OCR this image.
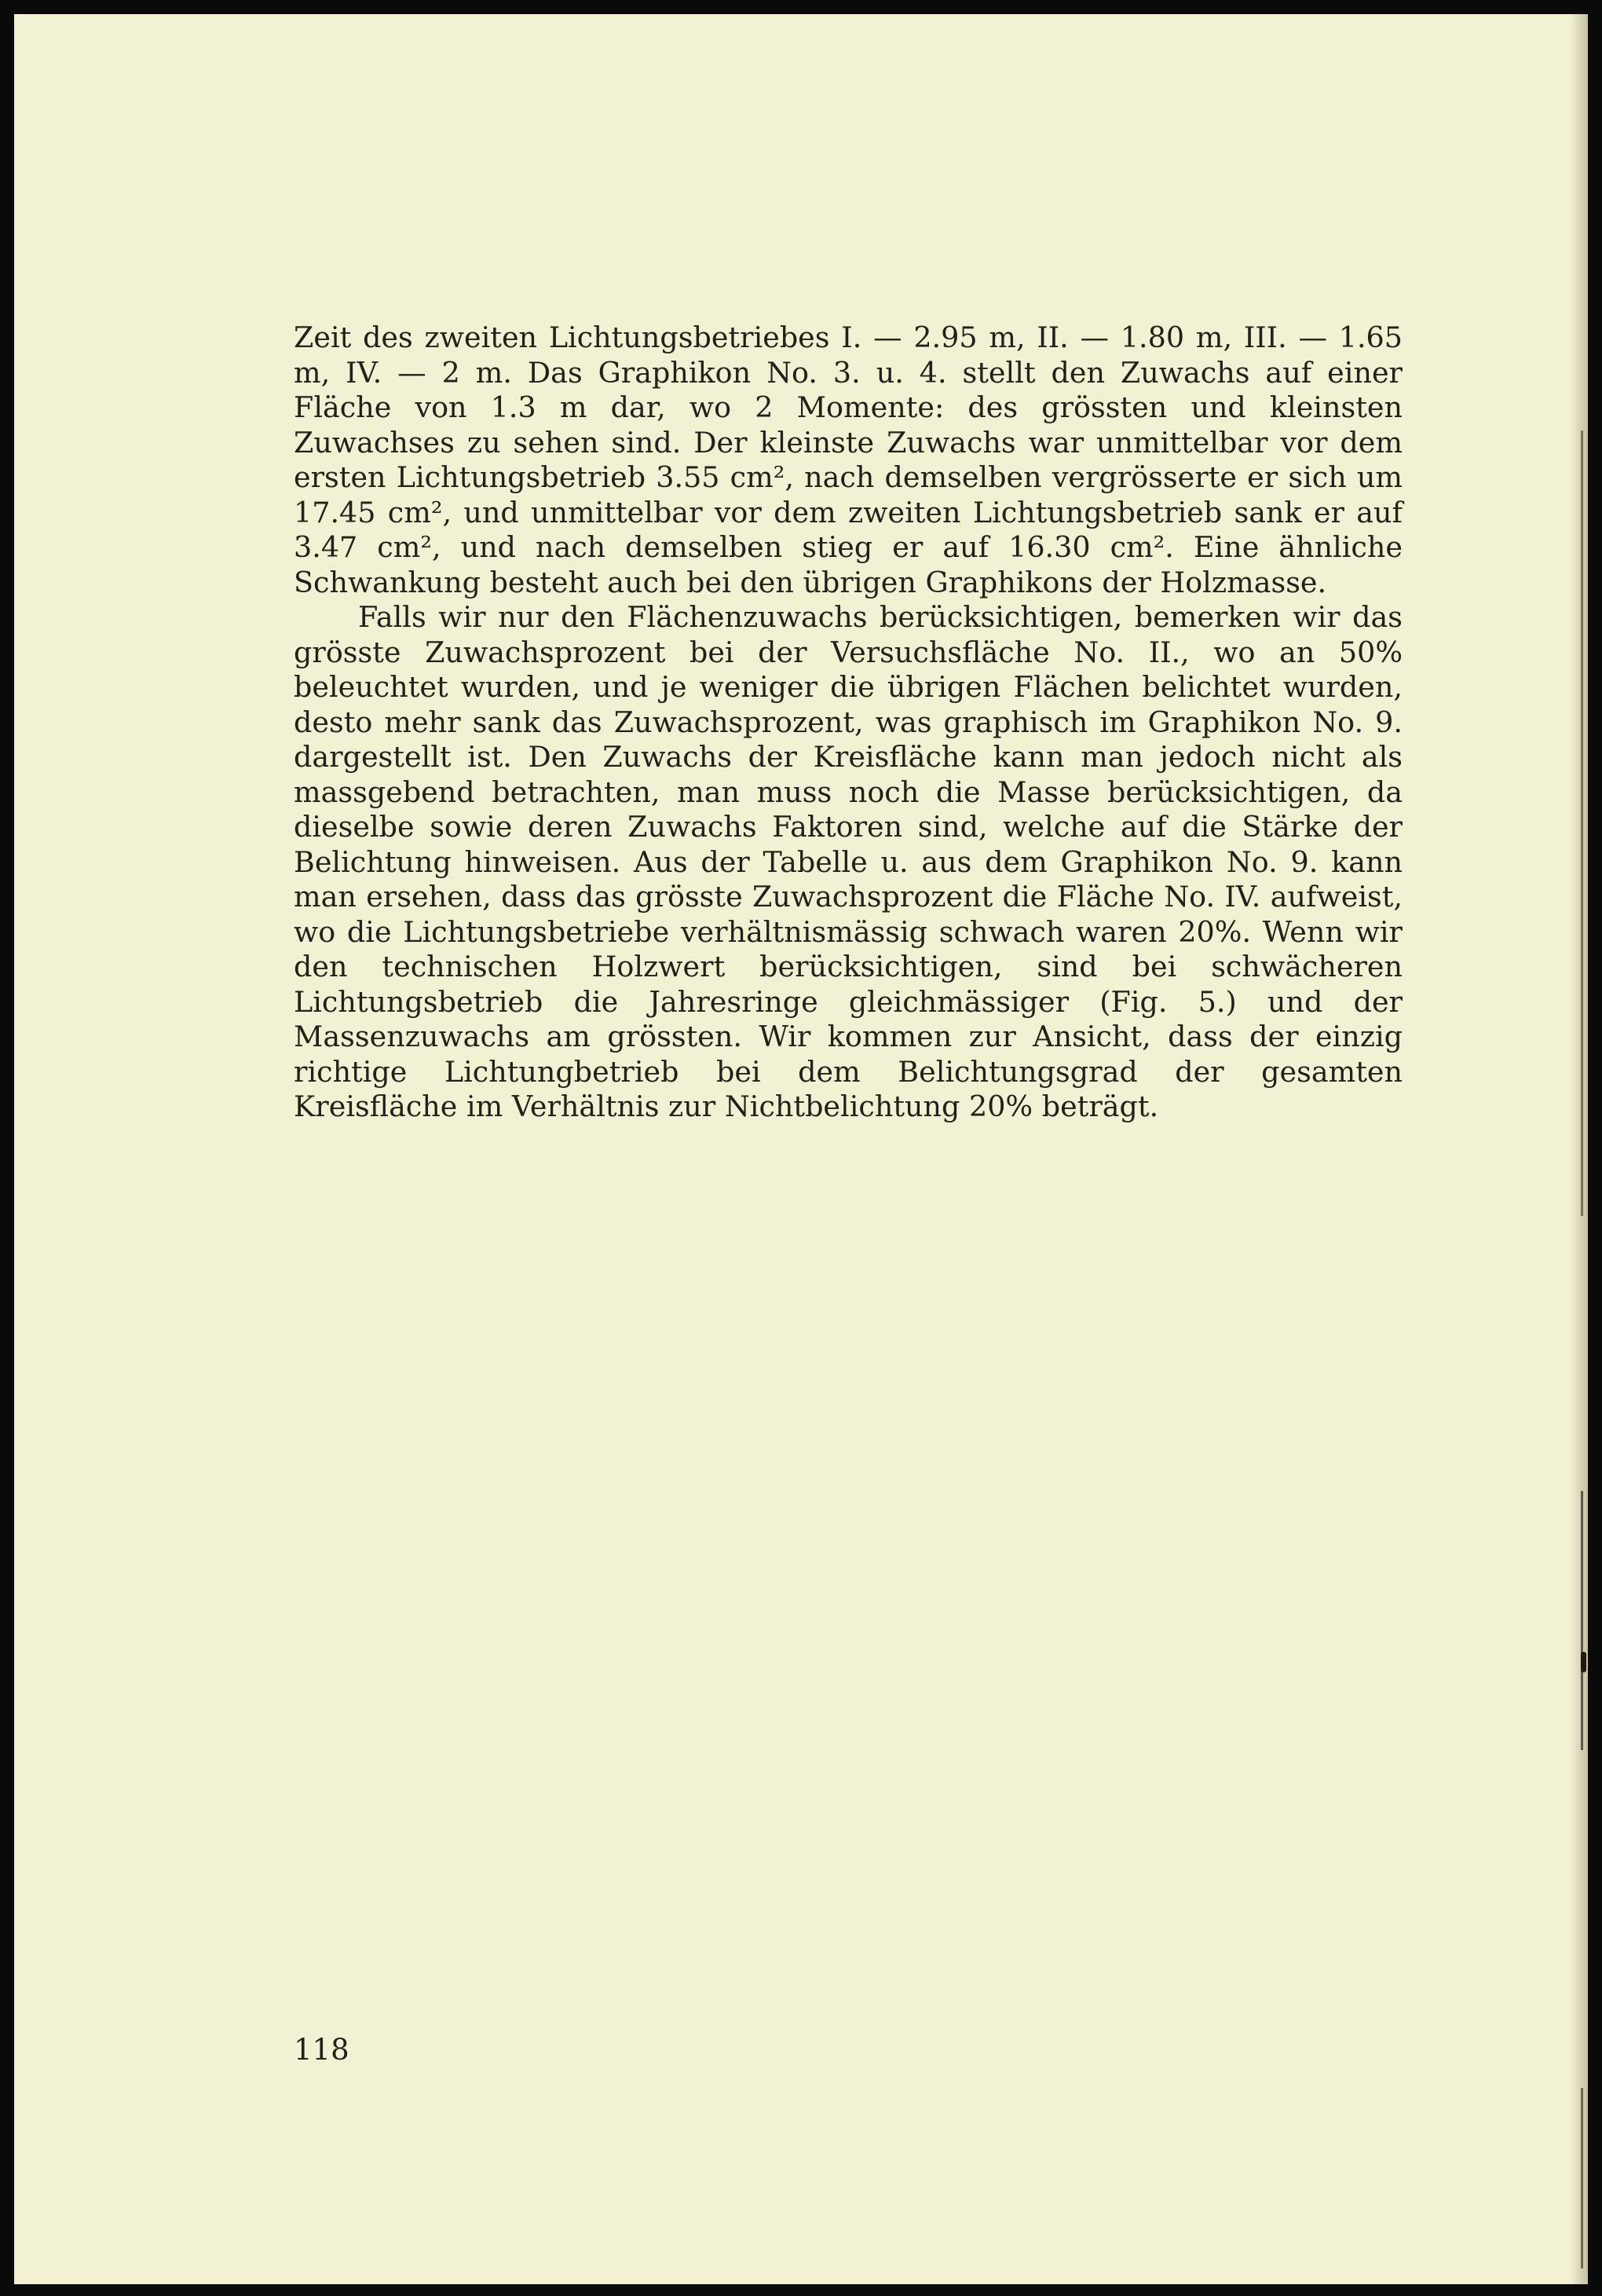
Zeit des zweiten Lichtungsbetriebes I. — 2.95 m, II. — 1.80 m, III. — 1.65 m, IV. — 2 m. Das Graphikon No. 3. u. 4. stellt den Zuwachs auf einer Fläche von 1.3 m dar, wo 2 Momente: des grössten und kleinsten Zuwachses zu sehen sind. Der kleinste Zuwachs war unmittelbar vor dem ersten Lichtungsbetrieb 3.55 cm², nach demselben vergrösserte er sich um 17.45 cm², und unmittelbar vor dem zweiten Lichtungsbetrieb sank er auf 3.47 cm², und nach demselben stieg er auf 16.30 cm². Eine ähnliche Schwankung besteht auch bei den übrigen Graphikons der Holzmasse.

Falls wir nur den Flächenzuwachs berücksichtigen, bemerken wir das grösste Zuwachsprozent bei der Versuchsfläche No. II., wo an 50% beleuchtet wurden, und je weniger die übrigen Flächen belichtet wurden, desto mehr sank das Zuwachsprozent, was graphisch im Graphikon No. 9. dargestellt ist. Den Zuwachs der Kreisfläche kann man jedoch nicht als massgebend betrachten, man muss noch die Masse berücksichtigen, da dieselbe sowie deren Zuwachs Faktoren sind, welche auf die Stärke der Belichtung hinweisen. Aus der Tabelle u. aus dem Graphikon No. 9. kann man ersehen, dass das grösste Zuwachsprozent die Fläche No. IV. aufweist, wo die Lichtungsbetriebe verhältnismässig schwach waren 20%. Wenn wir den technischen Holzwert berücksichtigen, sind bei schwächeren Lichtungsbetrieb die Jahresringe gleichmässiger (Fig. 5.) und der Massenzuwachs am grössten. Wir kommen zur Ansicht, dass der einzig richtige Lichtungbetrieb bei dem Belichtungsgrad der gesamten Kreisfläche im Verhältnis zur Nichtbelichtung 20% beträgt.

118
